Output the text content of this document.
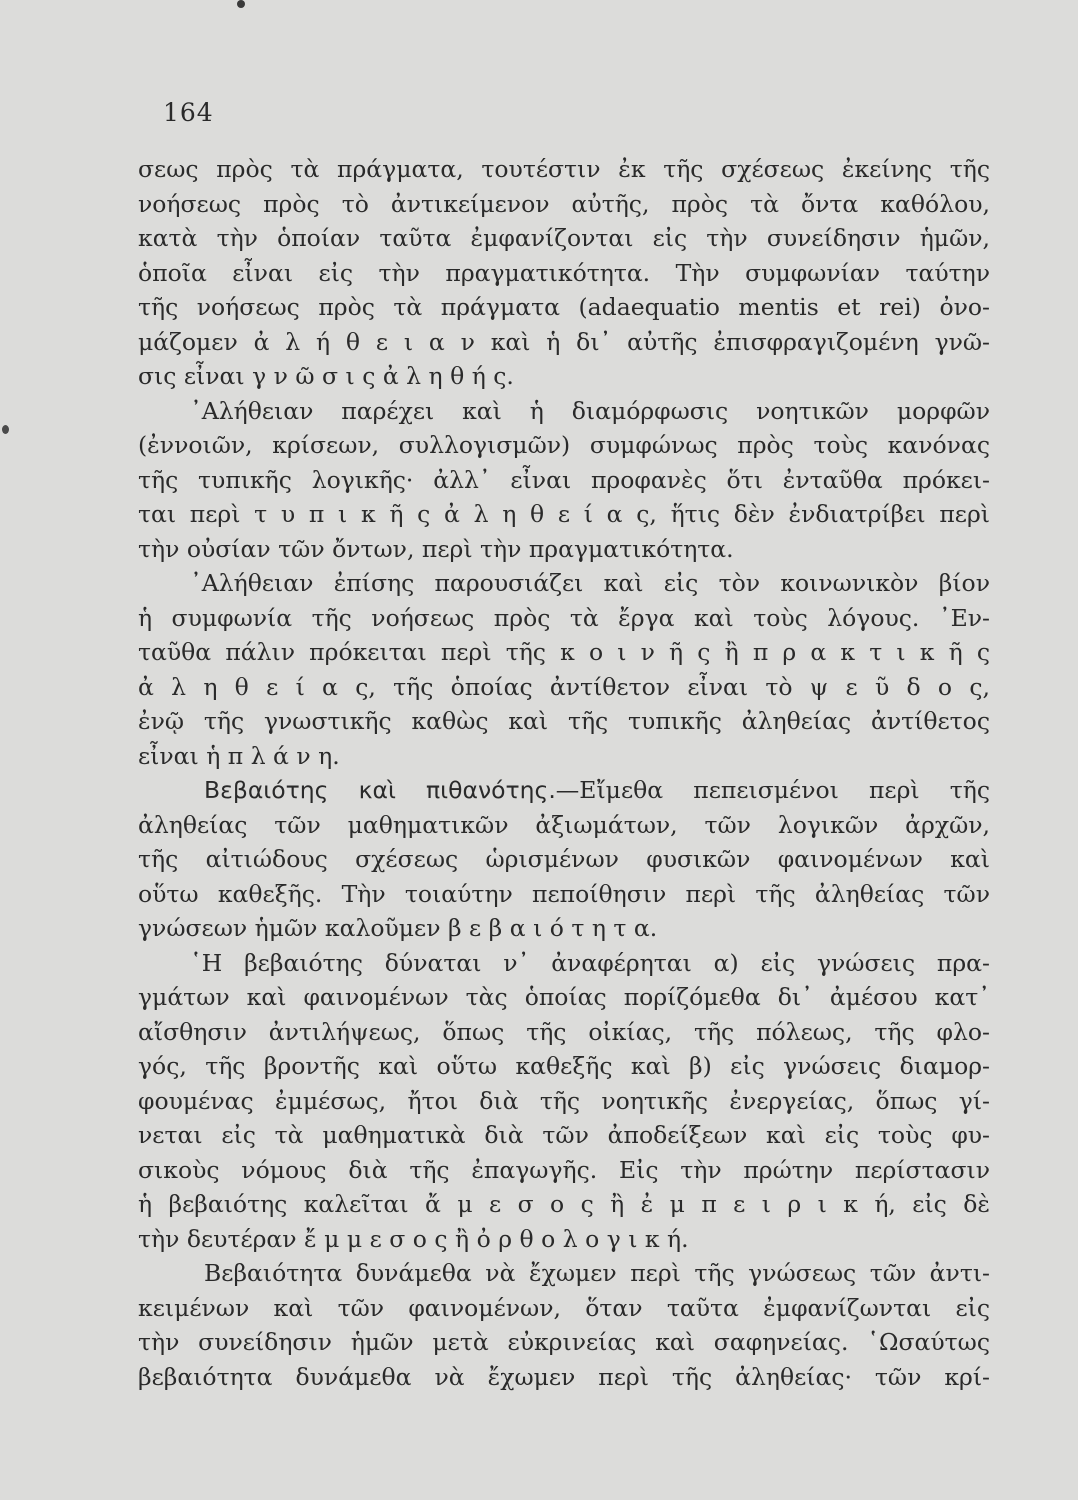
164
σεως πρὸς τὰ πράγματα, τουτέστιν ἐκ τῆς σχέσεως ἐκείνης τῆς
νοήσεως πρὸς τὸ ἀντικείμενον αὐτῆς, πρὸς τὰ ὄντα καθόλου,
κατὰ τὴν ὁποίαν ταῦτα ἐμφανίζονται εἰς τὴν συνείδησιν ἡμῶν,
ὁποῖα εἶναι εἰς τὴν πραγματικότητα. Τὴν συμφωνίαν ταύτην
τῆς νοήσεως πρὸς τὰ πράγματα (adaequatio mentis et rei) ὀνο-
μάζομεν ἀ λ ή θ ε ι α ν καὶ ἡ δι᾿ αὐτῆς ἐπισφραγιζομένη γνῶ-
σις εἶναι γ ν ῶ σ ι ς ἀ λ η θ ή ς.
᾿Αλήθειαν παρέχει καὶ ἡ διαμόρφωσις νοητικῶν μορφῶν
(ἐννοιῶν, κρίσεων, συλλογισμῶν) συμφώνως πρὸς τοὺς κανόνας
τῆς τυπικῆς λογικῆς· ἀλλ᾿ εἶναι προφανὲς ὅτι ἐνταῦθα πρόκει-
ται περὶ τ υ π ι κ ῆ ς ἀ λ η θ ε ί α ς, ἥτις δὲν ἐνδιατρίβει περὶ
τὴν οὐσίαν τῶν ὄντων, περὶ τὴν πραγματικότητα.
᾿Αλήθειαν ἐπίσης παρουσιάζει καὶ εἰς τὸν κοινωνικὸν βίον
ἡ συμφωνία τῆς νοήσεως πρὸς τὰ ἔργα καὶ τοὺς λόγους. ᾿Εν-
ταῦθα πάλιν πρόκειται περὶ τῆς κ ο ι ν ῆ ς ἢ π ρ α κ τ ι κ ῆ ς
ἀ λ η θ ε ί α ς, τῆς ὁποίας ἀντίθετον εἶναι τὸ ψ ε ῦ δ ο ς,
ἐνῷ τῆς γνωστικῆς καθὼς καὶ τῆς τυπικῆς ἀληθείας ἀντίθετος
εἶναι ἡ π λ ά ν η.
Βεβαιότης καὶ πιθανότης.—Εἴμεθα πεπεισμένοι περὶ τῆς
ἀληθείας τῶν μαθηματικῶν ἀξιωμάτων, τῶν λογικῶν ἀρχῶν,
τῆς αἰτιώδους σχέσεως ὡρισμένων φυσικῶν φαινομένων καὶ
οὕτω καθεξῆς. Τὴν τοιαύτην πεποίθησιν περὶ τῆς ἀληθείας τῶν
γνώσεων ἡμῶν καλοῦμεν β ε β α ι ό τ η τ α.
῾Η βεβαιότης δύναται ν᾿ ἀναφέρηται α) εἰς γνώσεις πρα-
γμάτων καὶ φαινομένων τὰς ὁποίας πορίζόμεθα δι᾿ ἀμέσου κατ᾿
αἴσθησιν ἀντιλήψεως, ὅπως τῆς οἰκίας, τῆς πόλεως, τῆς φλο-
γός, τῆς βροντῆς καὶ οὕτω καθεξῆς καὶ β) εἰς γνώσεις διαμορ-
φουμένας ἐμμέσως, ἤτοι διὰ τῆς νοητικῆς ἐνεργείας, ὅπως γί-
νεται εἰς τὰ μαθηματικὰ διὰ τῶν ἀποδείξεων καὶ εἰς τοὺς φυ-
σικοὺς νόμους διὰ τῆς ἐπαγωγῆς. Εἰς τὴν πρώτην περίστασιν
ἡ βεβαιότης καλεῖται ἄ μ ε σ ο ς ἢ ἐ μ π ε ι ρ ι κ ή, εἰς δὲ
τὴν δευτέραν ἔ μ μ ε σ ο ς ἢ ὀ ρ θ ο λ ο γ ι κ ή.
Βεβαιότητα δυνάμεθα νὰ ἔχωμεν περὶ τῆς γνώσεως τῶν ἀντι-
κειμένων καὶ τῶν φαινομένων, ὅταν ταῦτα ἐμφανίζωνται εἰς
τὴν συνείδησιν ἡμῶν μετὰ εὐκρινείας καὶ σαφηνείας. ῾Ωσαύτως
βεβαιότητα δυνάμεθα νὰ ἔχωμεν περὶ τῆς ἀληθείας· τῶν κρί-
